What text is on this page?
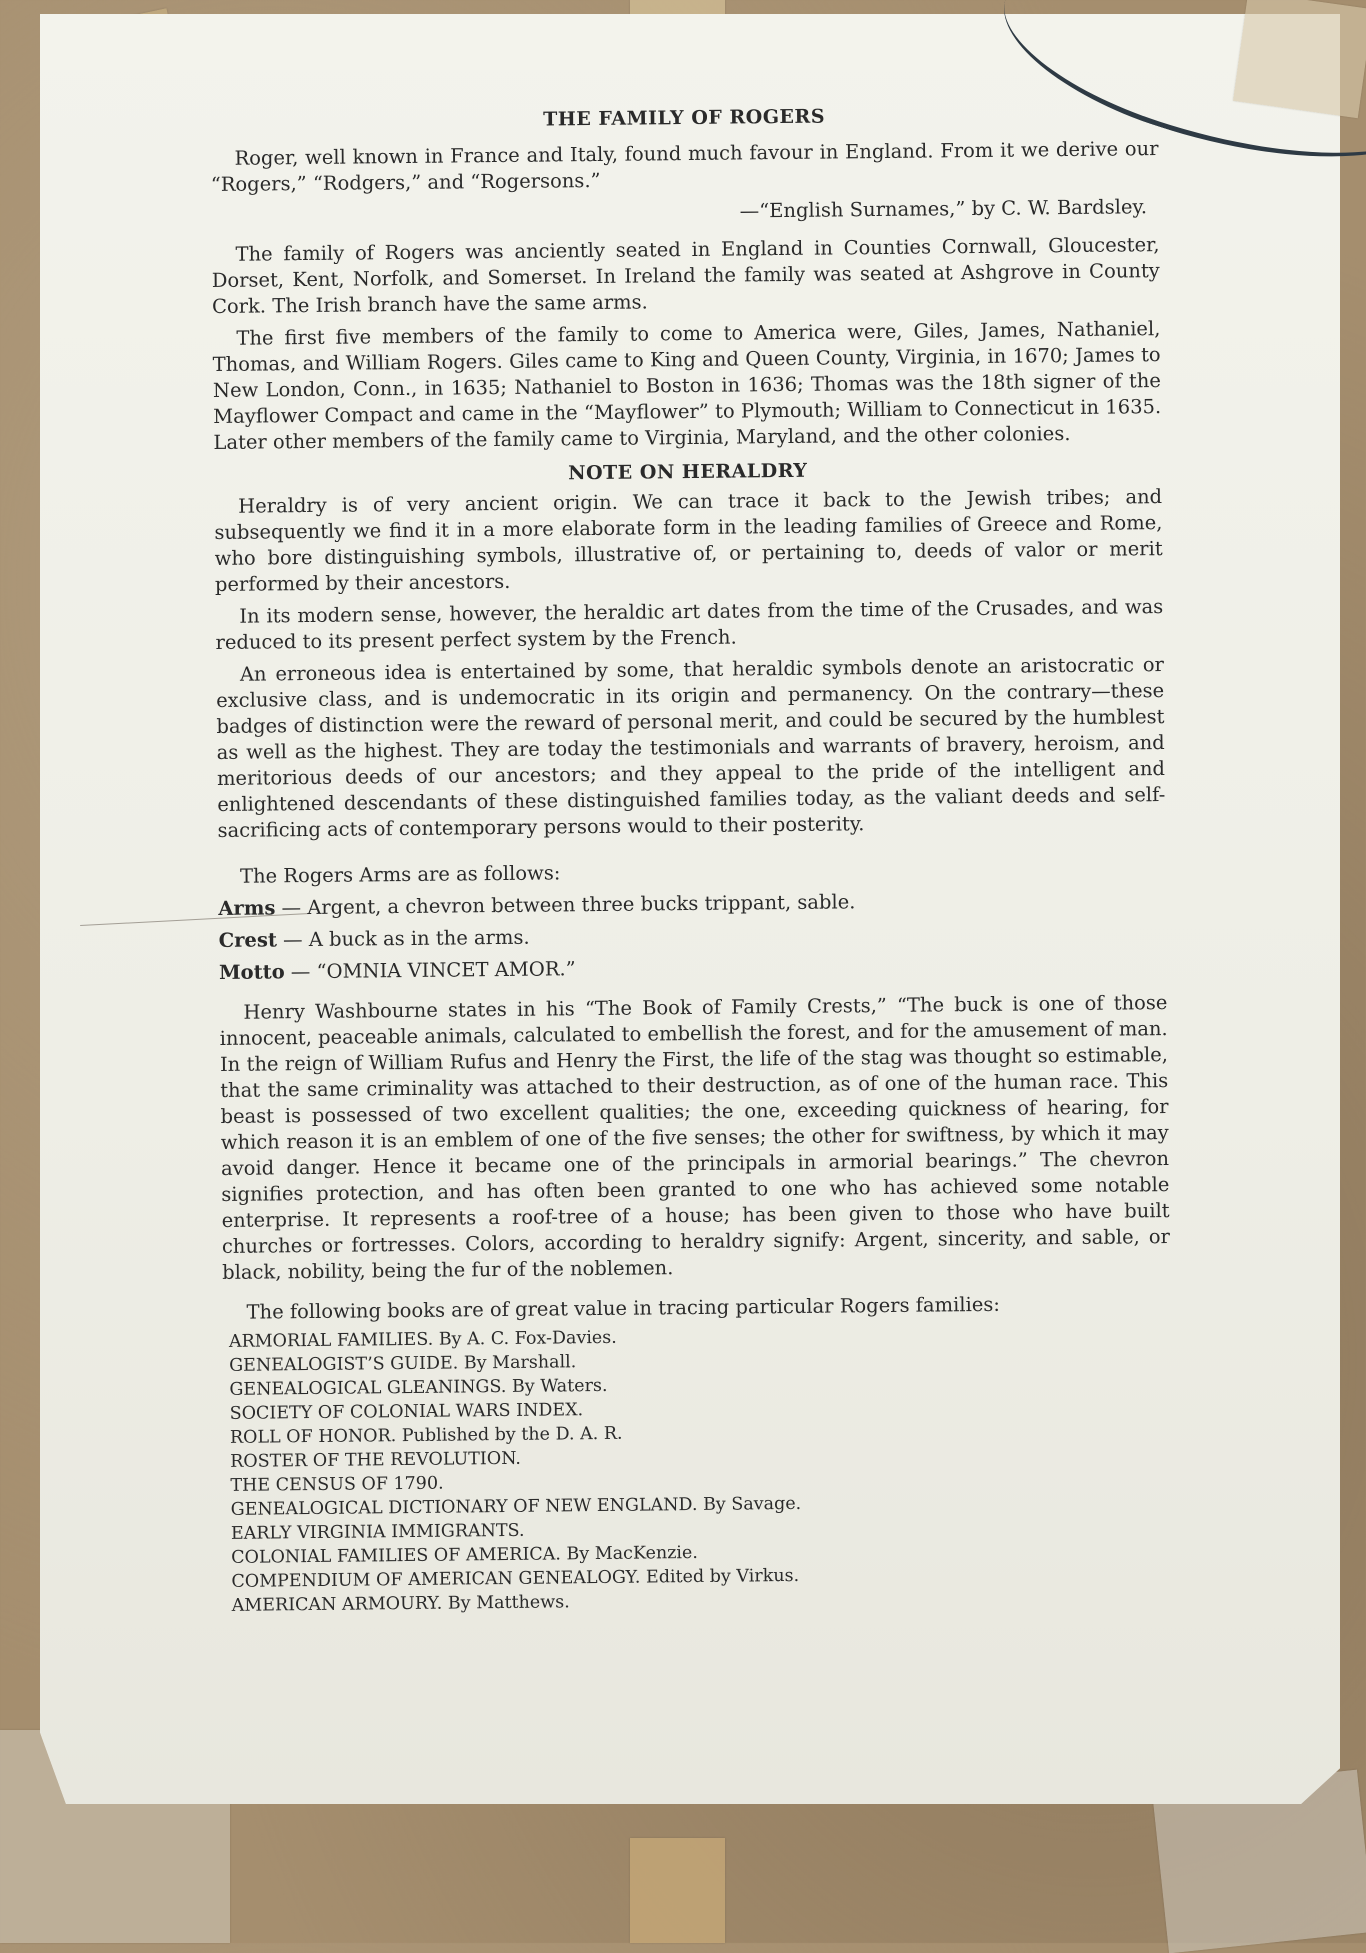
THE FAMILY OF ROGERS

Roger, well known in France and Italy, found much favour in England. From it we derive our “Rogers,” “Rodgers,” and “Rogersons.”

—“English Surnames,” by C. W. Bardsley.

The family of Rogers was anciently seated in England in Counties Cornwall, Gloucester, Dorset, Kent, Norfolk, and Somerset. In Ireland the family was seated at Ashgrove in County Cork. The Irish branch have the same arms.

The first five members of the family to come to America were, Giles, James, Nathaniel, Thomas, and William Rogers. Giles came to King and Queen County, Virginia, in 1670; James to New London, Conn., in 1635; Nathaniel to Boston in 1636; Thomas was the 18th signer of the Mayflower Compact and came in the “Mayflower” to Plymouth; William to Connecticut in 1635. Later other members of the family came to Virginia, Maryland, and the other colonies.

NOTE ON HERALDRY

Heraldry is of very ancient origin. We can trace it back to the Jewish tribes; and subsequently we find it in a more elaborate form in the leading families of Greece and Rome, who bore distinguishing symbols, illustrative of, or pertaining to, deeds of valor or merit performed by their ancestors.

In its modern sense, however, the heraldic art dates from the time of the Crusades, and was reduced to its present perfect system by the French.

An erroneous idea is entertained by some, that heraldic symbols denote an aristocratic or exclusive class, and is undemocratic in its origin and permanency. On the contrary—these badges of distinction were the reward of personal merit, and could be secured by the humblest as well as the highest. They are today the testimonials and warrants of bravery, heroism, and meritorious deeds of our ancestors; and they appeal to the pride of the intelligent and enlightened descendants of these distinguished families today, as the valiant deeds and self-sacrificing acts of contemporary persons would to their posterity.

The Rogers Arms are as follows:
Arms — Argent, a chevron between three bucks trippant, sable.
Crest — A buck as in the arms.
Motto — “OMNIA VINCET AMOR.”

Henry Washbourne states in his “The Book of Family Crests,” “The buck is one of those innocent, peaceable animals, calculated to embellish the forest, and for the amusement of man. In the reign of William Rufus and Henry the First, the life of the stag was thought so estimable, that the same criminality was attached to their destruction, as of one of the human race. This beast is possessed of two excellent qualities; the one, exceeding quickness of hearing, for which reason it is an emblem of one of the five senses; the other for swiftness, by which it may avoid danger. Hence it became one of the principals in armorial bearings.” The chevron signifies protection, and has often been granted to one who has achieved some notable enterprise. It represents a roof-tree of a house; has been given to those who have built churches or fortresses. Colors, according to heraldry signify: Argent, sincerity, and sable, or black, nobility, being the fur of the noblemen.

The following books are of great value in tracing particular Rogers families:
ARMORIAL FAMILIES. By A. C. Fox-Davies.
GENEALOGIST’S GUIDE. By Marshall.
GENEALOGICAL GLEANINGS. By Waters.
SOCIETY OF COLONIAL WARS INDEX.
ROLL OF HONOR. Published by the D. A. R.
ROSTER OF THE REVOLUTION.
THE CENSUS OF 1790.
GENEALOGICAL DICTIONARY OF NEW ENGLAND. By Savage.
EARLY VIRGINIA IMMIGRANTS.
COLONIAL FAMILIES OF AMERICA. By MacKenzie.
COMPENDIUM OF AMERICAN GENEALOGY. Edited by Virkus.
AMERICAN ARMOURY. By Matthews.
